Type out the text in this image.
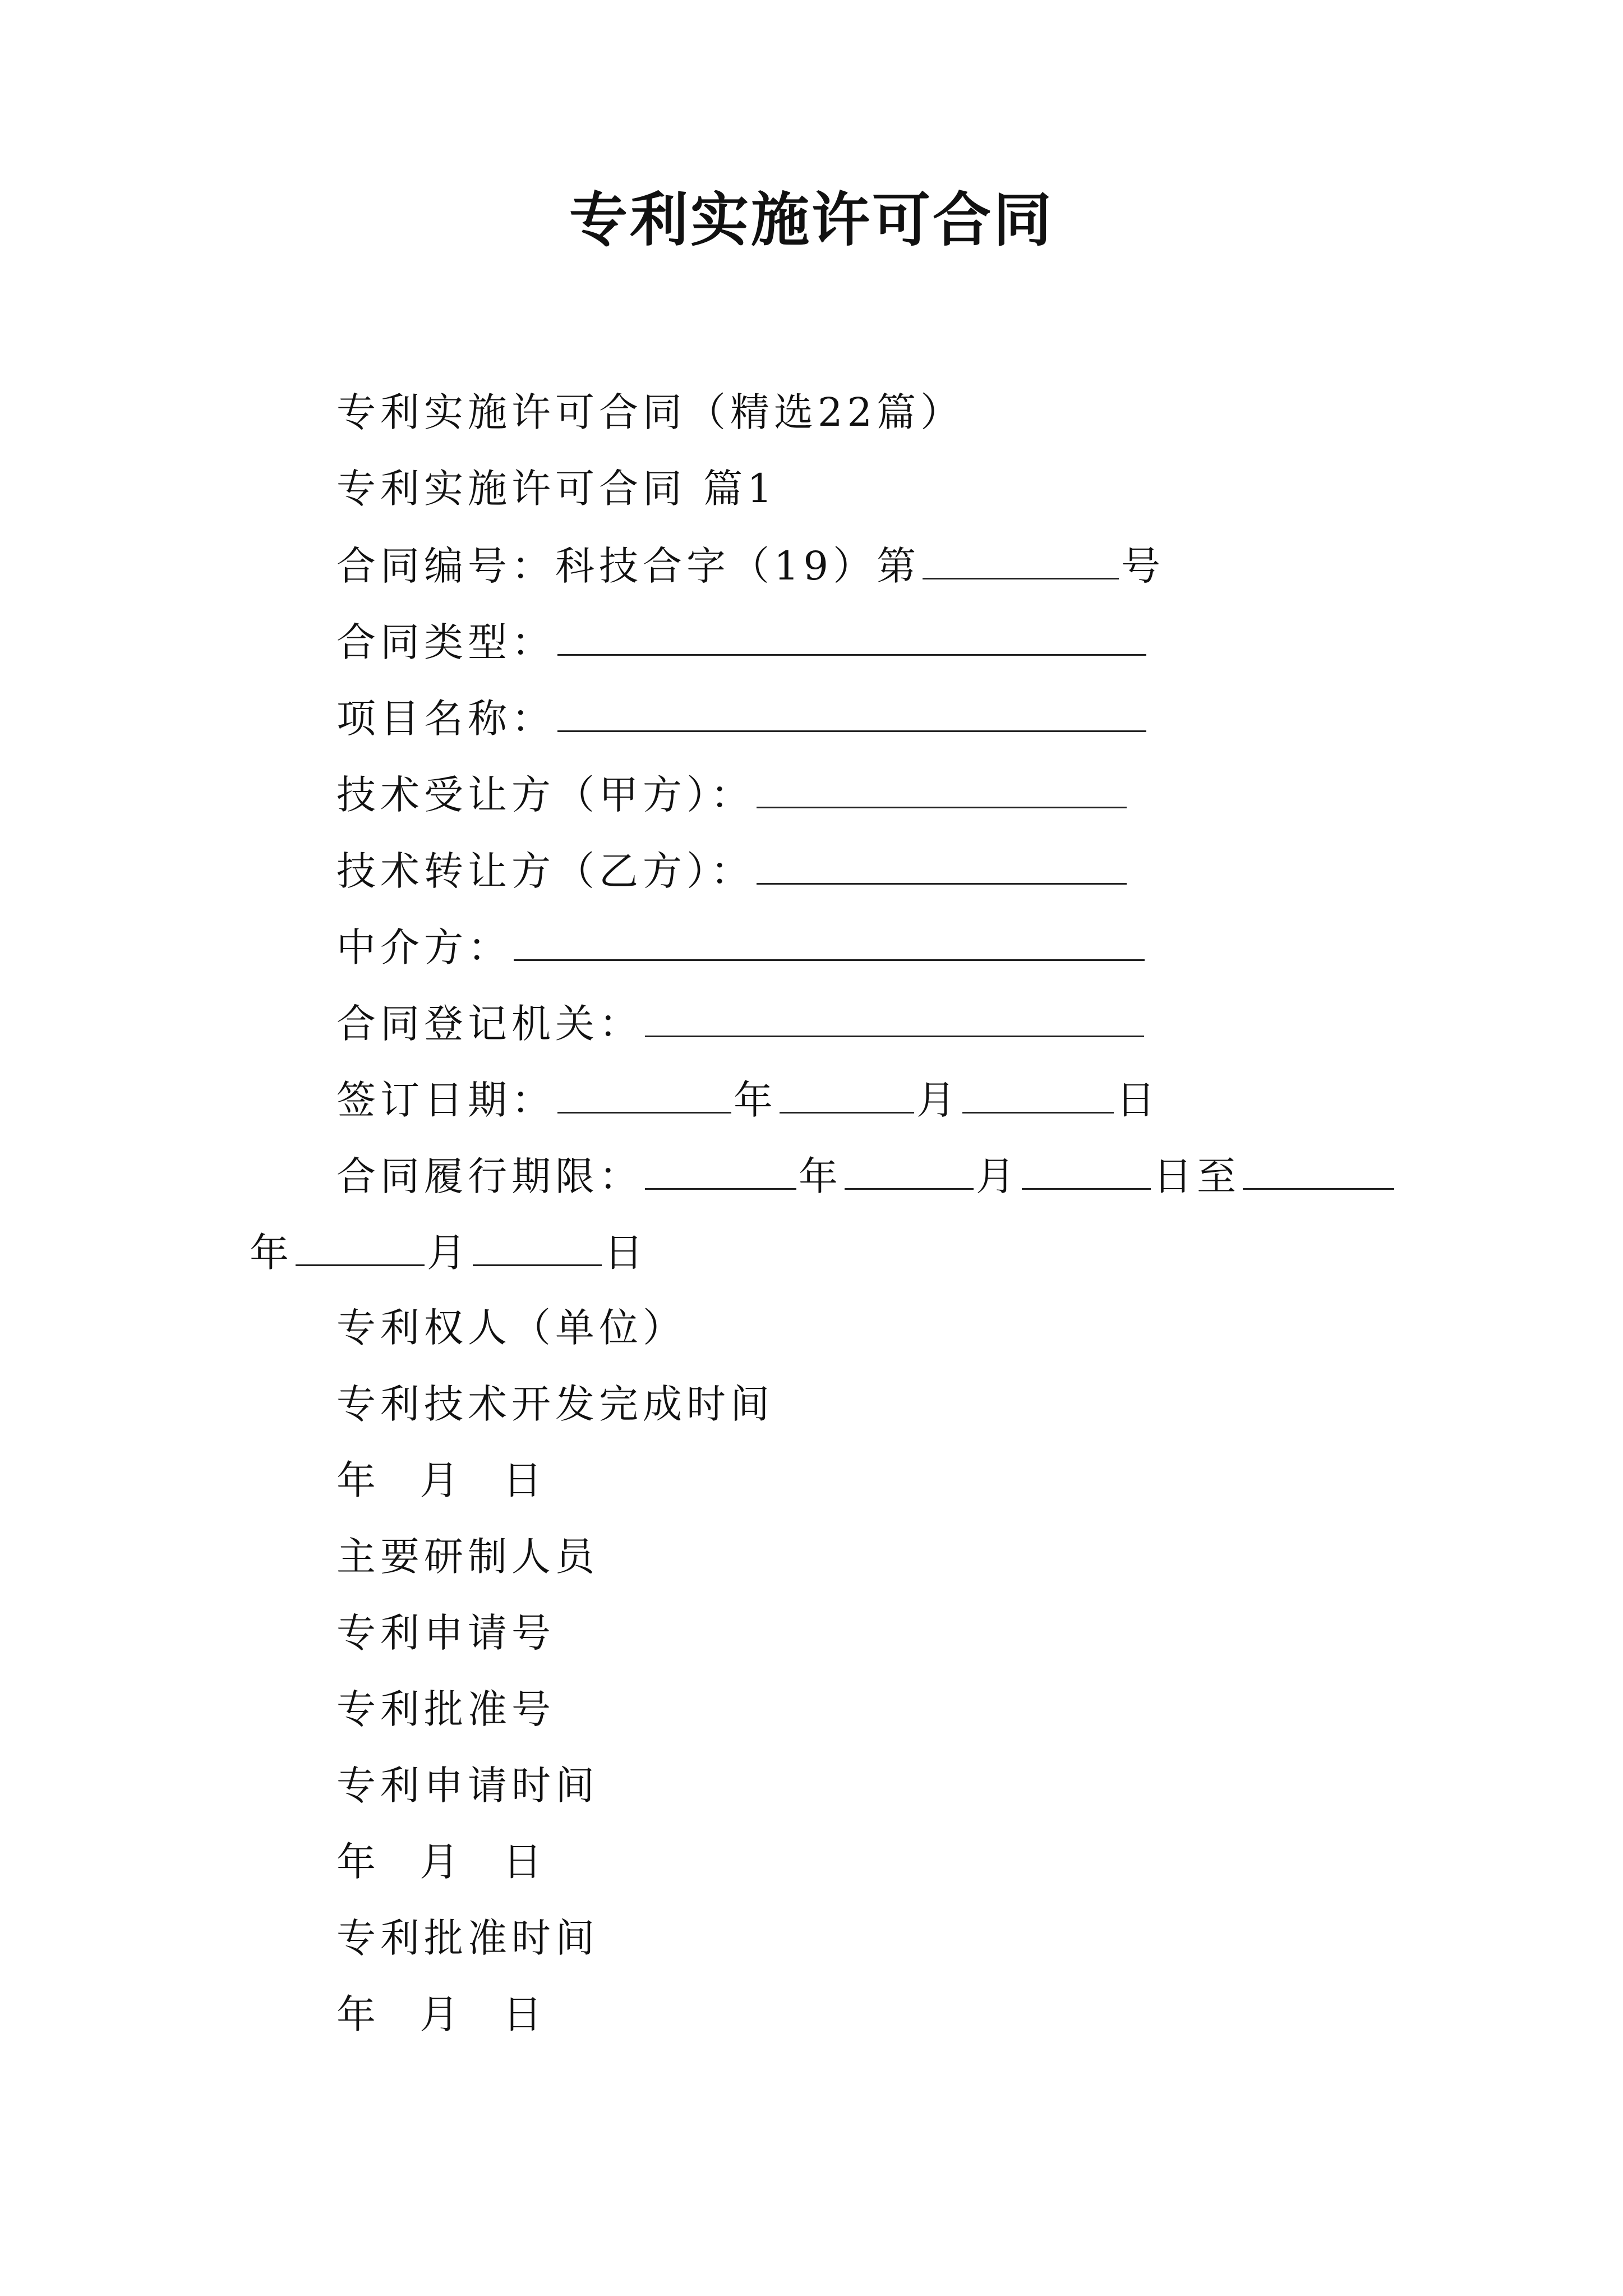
专利实施许可合同
专利实施许可合同（精选22篇）
专利实施许可合同 篇1
合同编号：科技合字（19）第	号
合同类型：
项目名称：
技术受让方（甲方）：
技术转让方（乙方）：
中介方：
合同登记机关：
签订日期：	年	月	日
合同履行期限：	年	月	日至
年	月	日
专利权人（单位）
专利技术开发完成时间
年 月 日
主要研制人员
专利申请号
专利批准号
专利申请时间
年 月 日
专利批准时间
年 月 日
